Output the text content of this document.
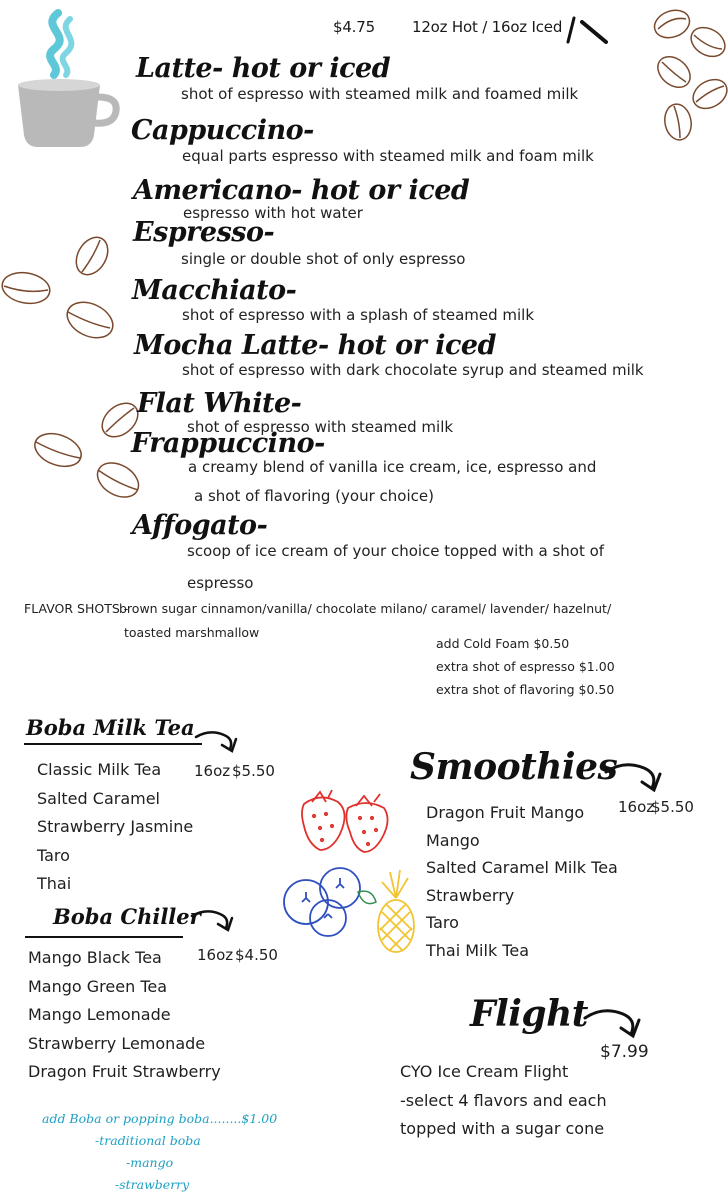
$4.75 12oz Hot / 16oz Iced
Latte- hot or iced
shot of espresso with steamed milk and foamed milk
Cappuccino-
equal parts espresso with steamed milk and foam milk
Americano- hot or iced
espresso with hot water
Espresso-
single or double shot of only espresso
Macchiato-
shot of espresso with a splash of steamed milk
Mocha Latte- hot or iced
shot of espresso with dark chocolate syrup and steamed milk
Flat White-
shot of espresso with steamed milk
Frappuccino-
a creamy blend of vanilla ice cream, ice, espresso and
a shot of flavoring (your choice)
Affogato-
scoop of ice cream of your choice topped with a shot of
espresso
FLAVOR SHOTS -
brown sugar cinnamon/vanilla/ chocolate milano/ caramel/ lavender/ hazelnut/
toasted marshmallow
add Cold Foam $0.50
extra shot of espresso $1.00
extra shot of flavoring $0.50
Boba Milk Tea
16oz $5.50
Classic Milk Tea
Salted Caramel
Strawberry Jasmine
Taro
Thai
Boba Chiller
16oz $4.50
Mango Black Tea
Mango Green Tea
Mango Lemonade
Strawberry Lemonade
Dragon Fruit Strawberry
add Boba or popping boba........$1.00
-traditional boba
-mango
-strawberry
Smoothies
16oz
$5.50
Dragon Fruit Mango
Mango
Salted Caramel Milk Tea
Strawberry
Taro
Thai Milk Tea
Flight
$7.99
CYO Ice Cream Flight
-select 4 flavors and each
topped with a sugar cone
